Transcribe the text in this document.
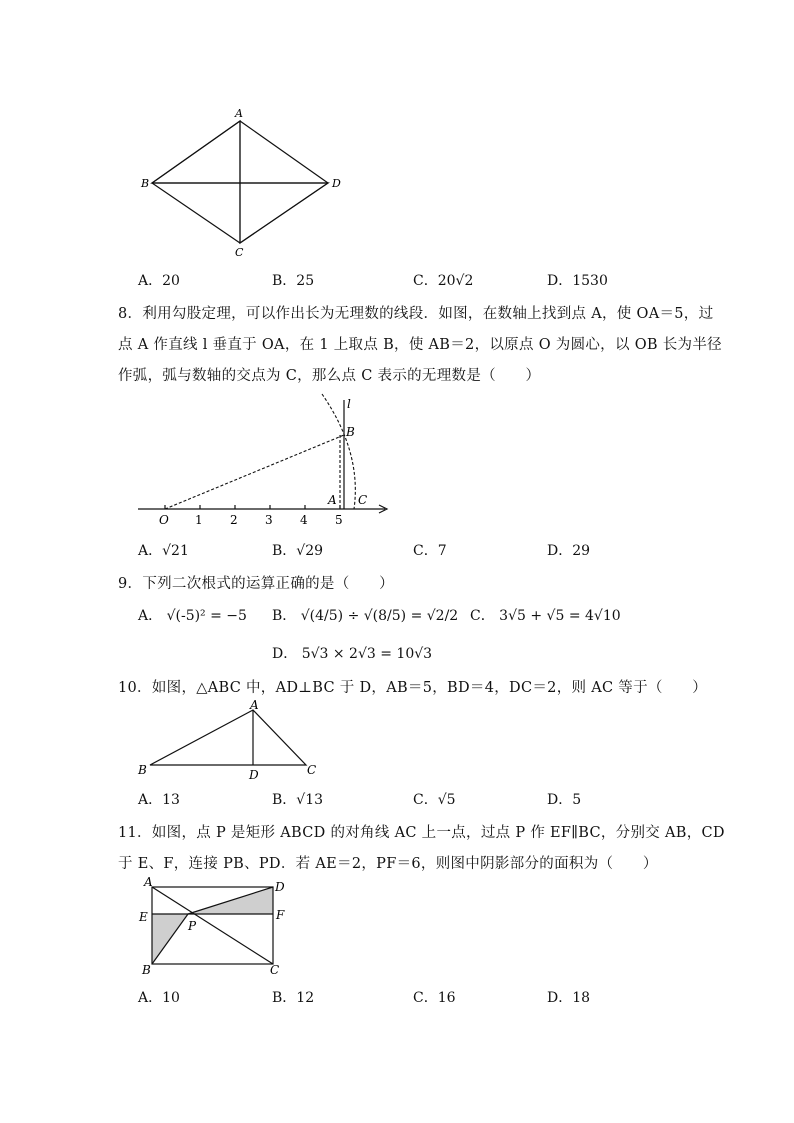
A
B	D
C
A．20	B．25	C．20√2	D．1530
8．利用勾股定理，可以作出长为无理数的线段．如图，在数轴上找到点 A，使 OA＝5，过
点 A 作直线 l 垂直于 OA，在 1 上取点 B，使 AB＝2，以原点 O 为圆心，以 OB 长为半径
作弧，弧与数轴的交点为 C，那么点 C 表示的无理数是（　　）
l
B
A C
O 1 2 3 4 5
A．√21	B．√29	C．7	D．29
9．下列二次根式的运算正确的是（　　）
A． √(-5)² = −5 B． √(4/5) ÷ √(8/5) = √2/2 C． 3√5 + √5 = 4√10
D． 5√3 × 2√3 = 10√3
10．如图，△ABC 中，AD⊥BC 于 D，AB＝5，BD＝4，DC＝2，则 AC 等于（　　）
A
B	D	C
A．13	B．√13	C．√5	D．5
11．如图，点 P 是矩形 ABCD 的对角线 AC 上一点，过点 P 作 EF∥BC，分别交 AB，CD
于 E、F，连接 PB、PD．若 AE＝2，PF＝6，则图中阴影部分的面积为（　　）
A	D
E	F
P
B	C
A．10	B．12	C．16	D．18
